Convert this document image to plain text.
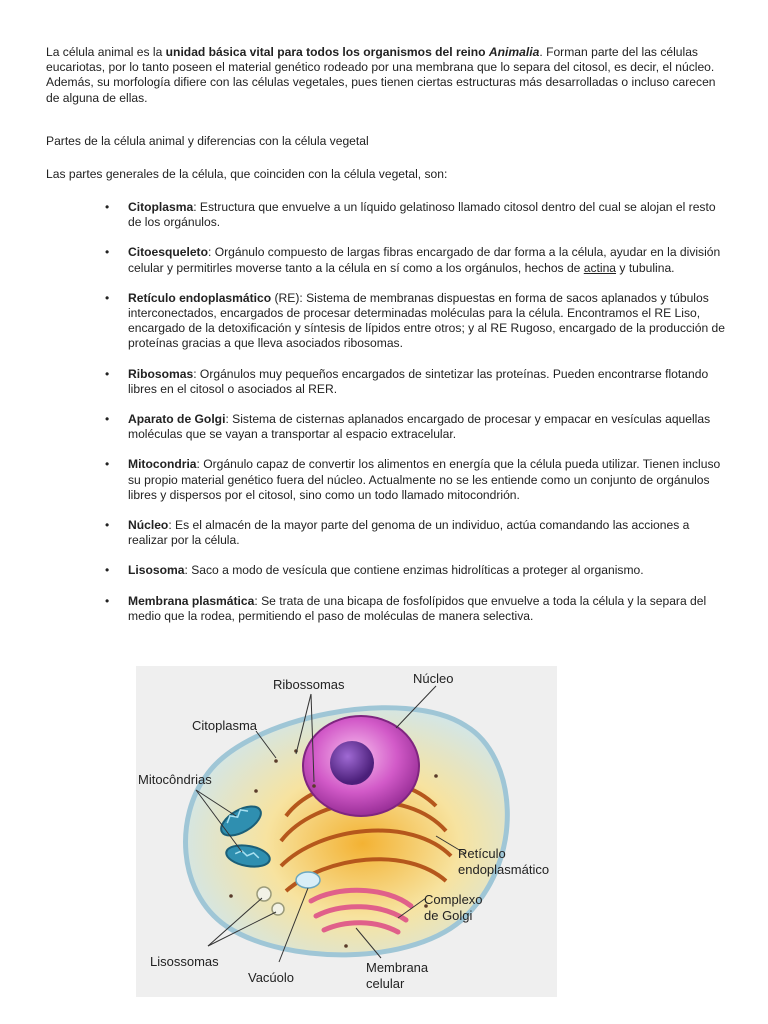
La célula animal es la unidad básica vital para todos los organismos del reino Animalia. Forman parte del las células eucariotas, por lo tanto poseen el material genético rodeado por una membrana que lo separa del citosol, es decir, el núcleo. Además, su morfología difiere con las células vegetales, pues tienen ciertas estructuras más desarrolladas o incluso carecen de alguna de ellas.

Partes de la célula animal y diferencias con la célula vegetal

Las partes generales de la célula, que coinciden con la célula vegetal, son:

• Citoplasma: Estructura que envuelve a un líquido gelatinoso llamado citosol dentro del cual se alojan el resto de los orgánulos.
• Citoesqueleto: Orgánulo compuesto de largas fibras encargado de dar forma a la célula, ayudar en la división celular y permitirles moverse tanto a la célula en sí como a los orgánulos, hechos de actina y tubulina.
• Retículo endoplasmático (RE): Sistema de membranas dispuestas en forma de sacos aplanados y túbulos interconectados, encargados de procesar determinadas moléculas para la célula. Encontramos el RE Liso, encargado de la detoxificación y síntesis de lípidos entre otros; y al RE Rugoso, encargado de la producción de proteínas gracias a que lleva asociados ribosomas.
• Ribosomas: Orgánulos muy pequeños encargados de sintetizar las proteínas. Pueden encontrarse flotando libres en el citosol o asociados al RER.
• Aparato de Golgi: Sistema de cisternas aplanados encargado de procesar y empacar en vesículas aquellas moléculas que se vayan a transportar al espacio extracelular.
• Mitocondria: Orgánulo capaz de convertir los alimentos en energía que la célula pueda utilizar. Tienen incluso su propio material genético fuera del núcleo. Actualmente no se les entiende como un conjunto de orgánulos libres y dispersos por el citosol, sino como un todo llamado mitocondrión.
• Núcleo: Es el almacén de la mayor parte del genoma de un individuo, actúa comandando las acciones a realizar por la célula.
• Lisosoma: Saco a modo de vesícula que contiene enzimas hidrolíticas a proteger al organismo.
• Membrana plasmática: Se trata de una bicapa de fosfolípidos que envuelve a toda la célula y la separa del medio que la rodea, permitiendo el paso de moléculas de manera selectiva.
Ribossomas	Núcleo
Citoplasma
Mitocôndrias
Retículo
endoplasmático
Complexo
de Golgi
Lisossomas
Vacúolo
Membrana
celular
